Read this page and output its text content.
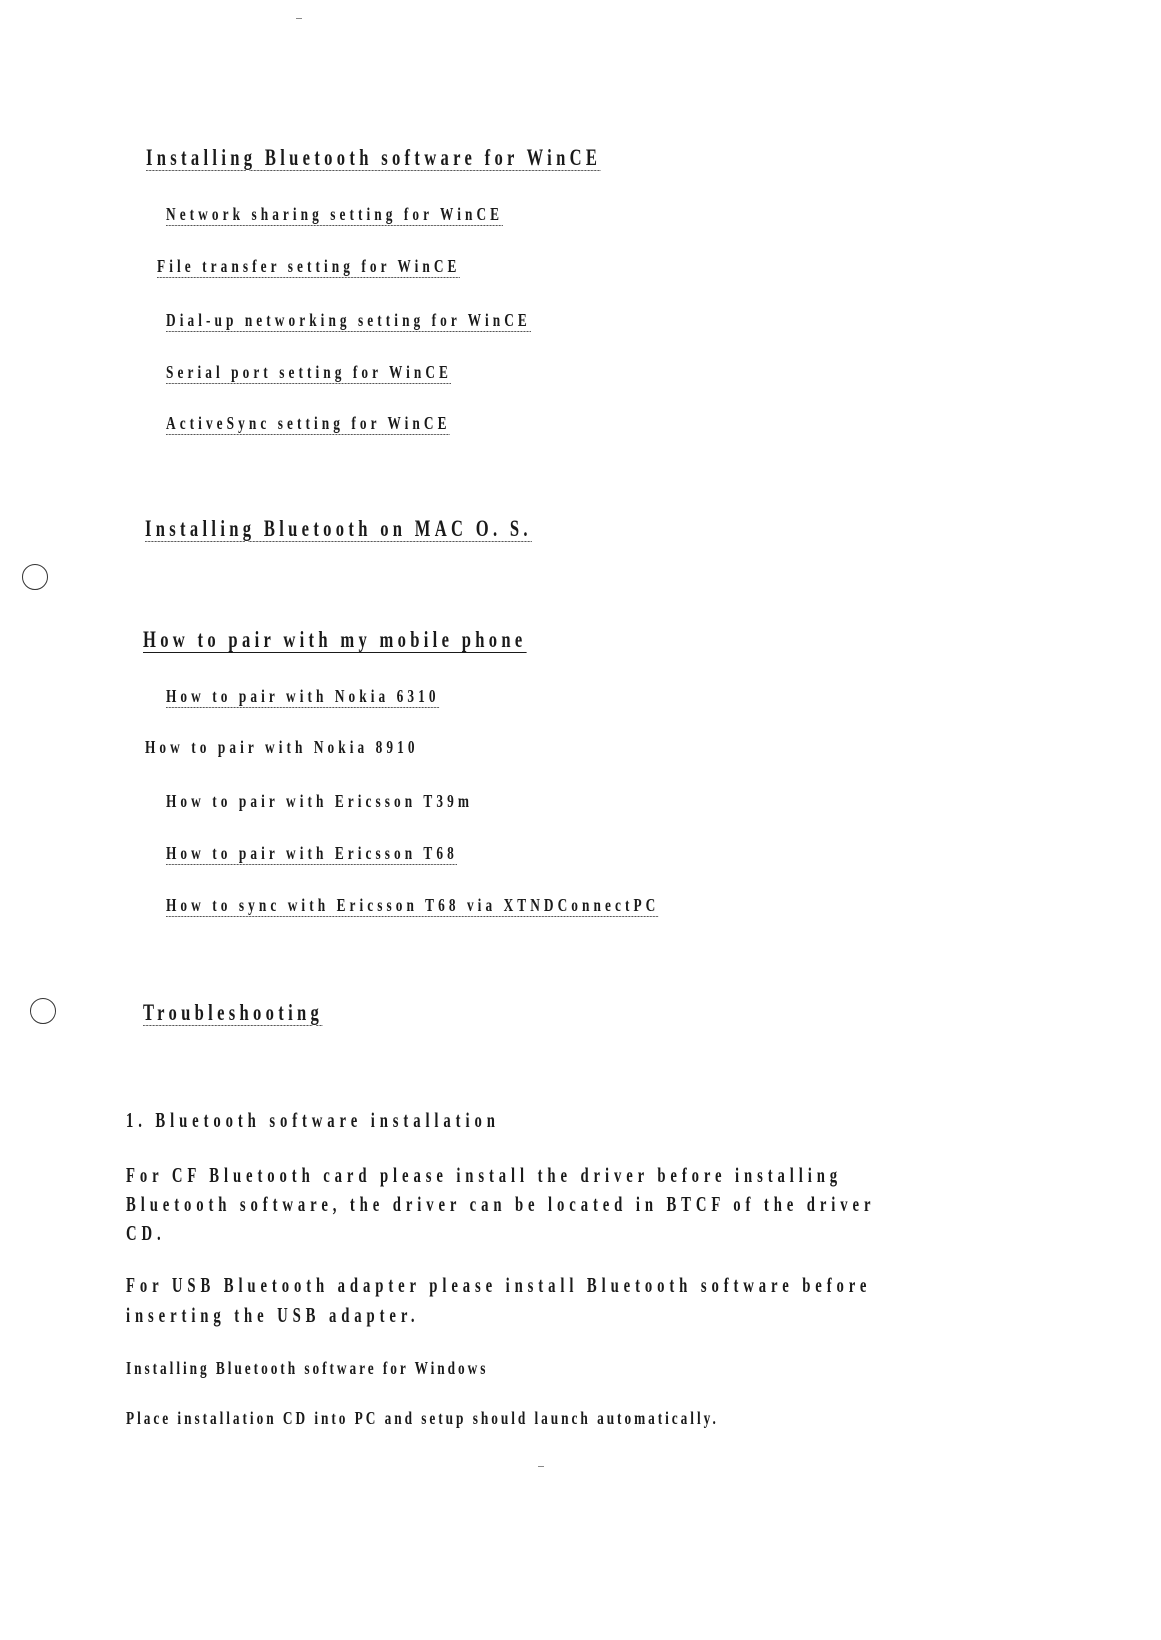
Installing Bluetooth software for WinCE
Network sharing setting for WinCE
File transfer setting for WinCE
Dial-up networking setting for WinCE
Serial port setting for WinCE
ActiveSync setting for WinCE
Installing Bluetooth on MAC O. S.
How to pair with my mobile phone
How to pair with Nokia 6310
How to pair with Nokia 8910
How to pair with Ericsson T39m
How to pair with Ericsson T68
How to sync with Ericsson T68 via XTNDConnectPC
Troubleshooting
1. Bluetooth software installation
For CF Bluetooth card please install the driver before installing
Bluetooth software, the driver can be located in BTCF of the driver
CD.
For USB Bluetooth adapter please install Bluetooth software before
inserting the USB adapter.
Installing Bluetooth software for Windows
Place installation CD into PC and setup should launch automatically.
